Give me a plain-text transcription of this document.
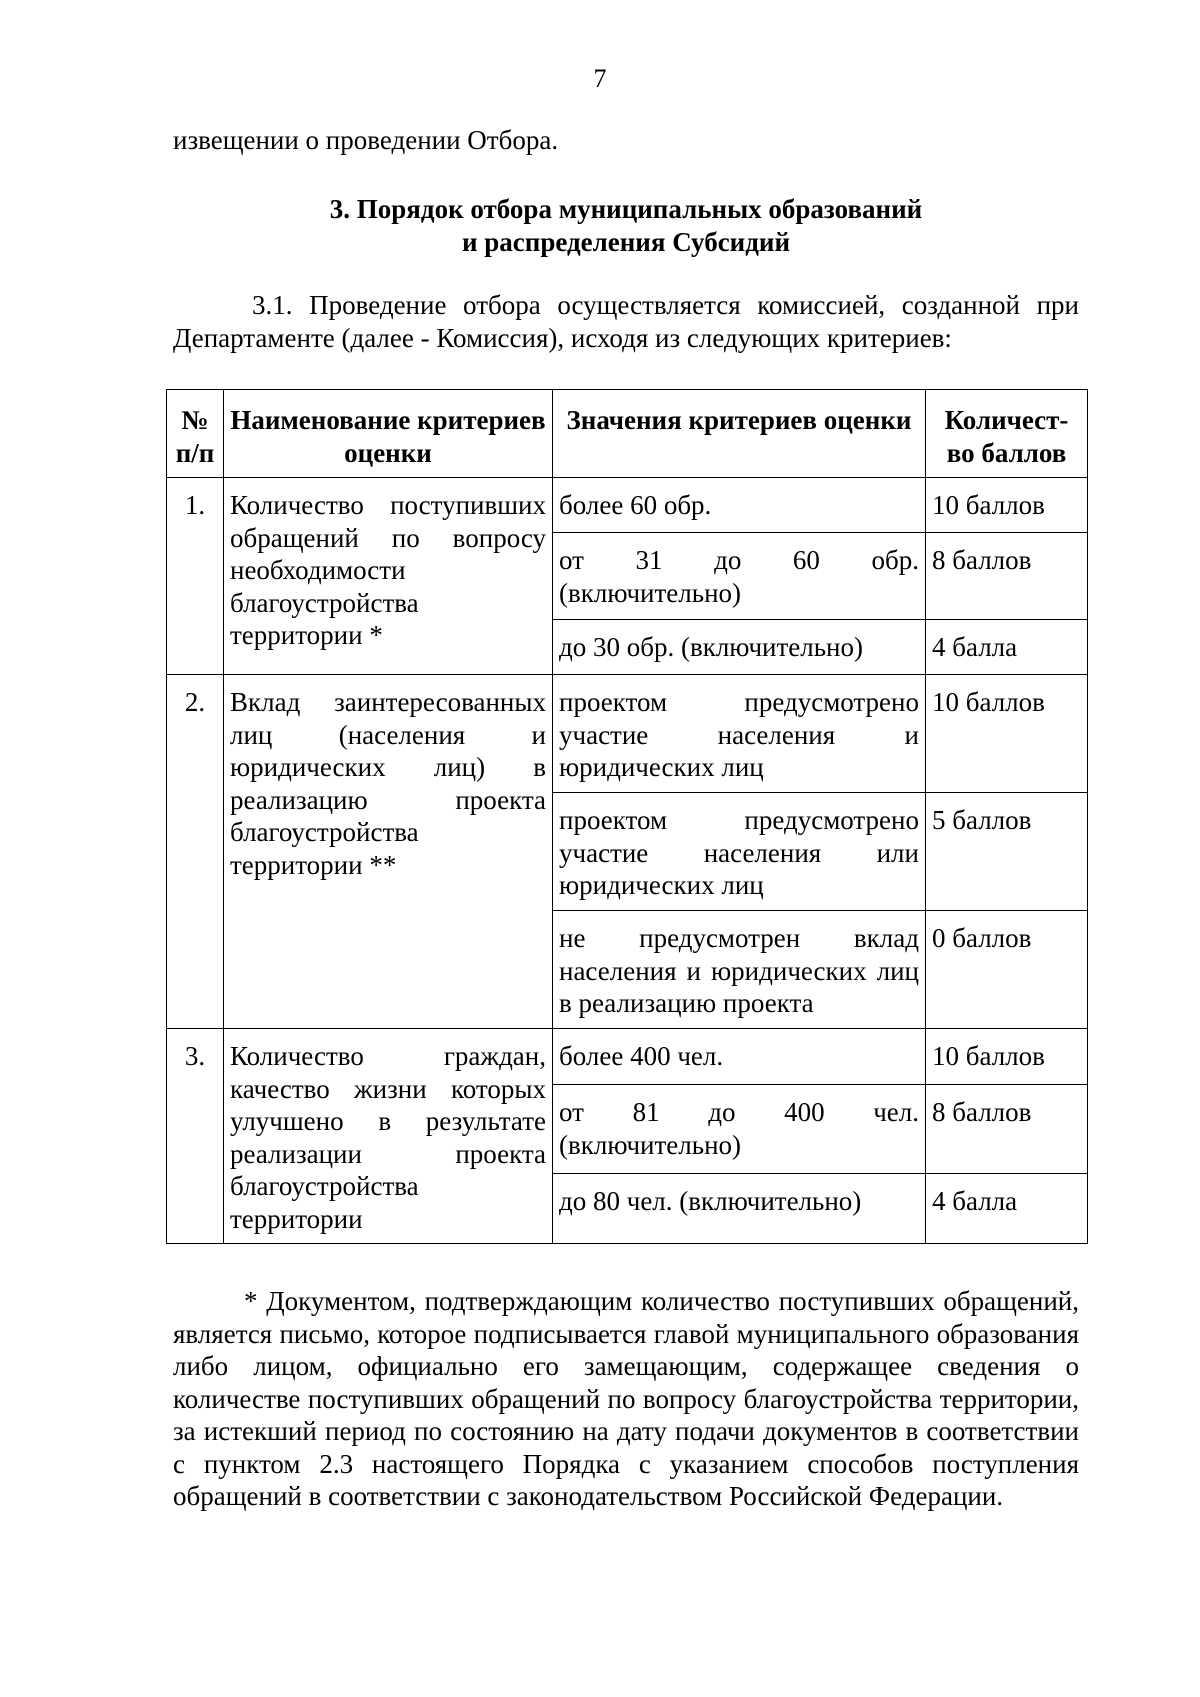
7
извещении о проведении Отбора.
3. Порядок отбора муниципальных образований
и распределения Субсидий
3.1. Проведение отбора осуществляется комиссией, созданной при Департаменте (далее - Комиссия), исходя из следующих критериев:
№ п/п	Наименование критериев оценки	Значения критериев оценки	Количест-во баллов
1.	Количество поступивших обращений по вопросу необходимости благоустройства территории *	более 60 обр.	10 баллов
		от 31 до 60 обр. (включительно)	8 баллов
		до 30 обр. (включительно)	4 балла
2.	Вклад заинтересованных лиц (населения и юридических лиц) в реализацию проекта благоустройства территории **	проектом предусмотрено участие населения и юридических лиц	10 баллов
		проектом предусмотрено участие населения или юридических лиц	5 баллов
		не предусмотрен вклад населения и юридических лиц в реализацию проекта	0 баллов
3.	Количество граждан, качество жизни которых улучшено в результате реализации проекта благоустройства территории	более 400 чел.	10 баллов
		от 81 до 400 чел. (включительно)	8 баллов
		до 80 чел. (включительно)	4 балла
* Документом, подтверждающим количество поступивших обращений, является письмо, которое подписывается главой муниципального образования либо лицом, официально его замещающим, содержащее сведения о количестве поступивших обращений по вопросу благоустройства территории, за истекший период по состоянию на дату подачи документов в соответствии с пунктом 2.3 настоящего Порядка с указанием способов поступления обращений в соответствии с законодательством Российской Федерации.
